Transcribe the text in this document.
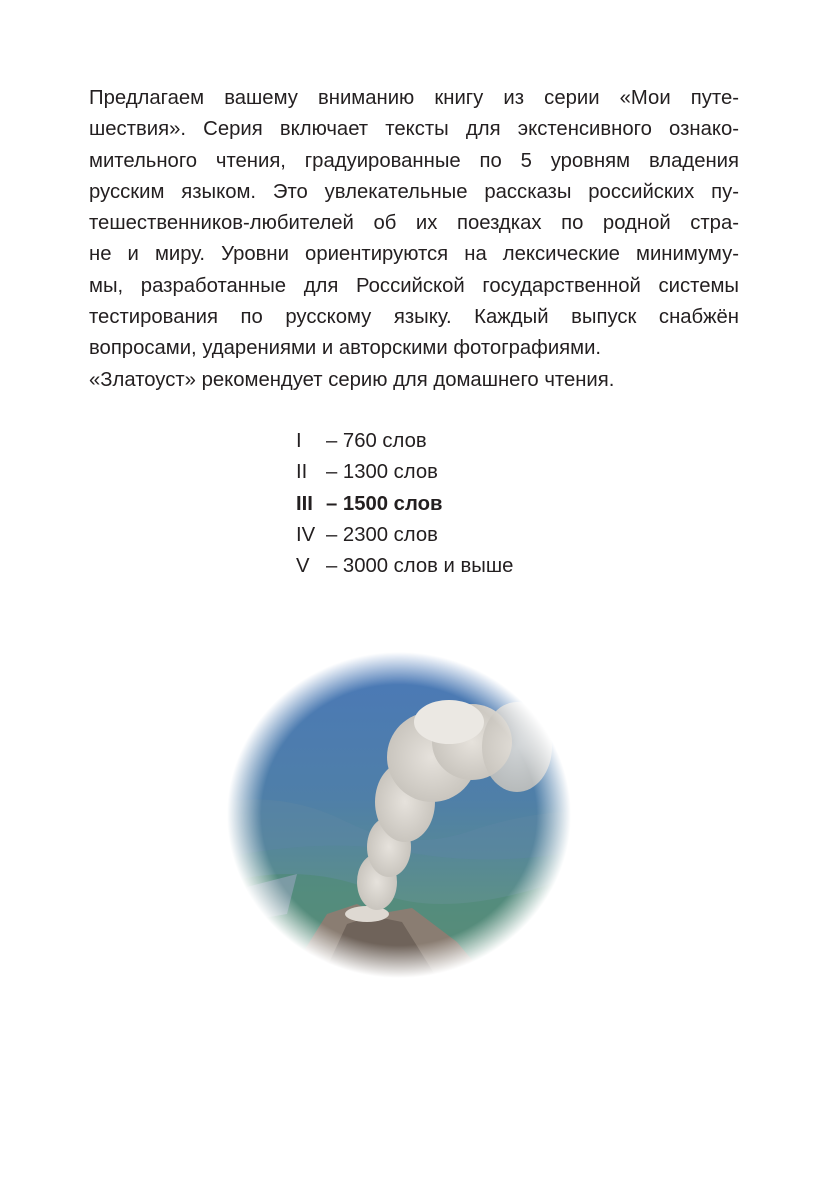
Предлагаем вашему вниманию книгу из серии «Мои путе-
шествия». Серия включает тексты для экстенсивного ознако-
мительного чтения, градуированные по 5 уровням владения
русским языком. Это увлекательные рассказы российских пу-
тешественников-любителей об их поездках по родной стра-
не и миру. Уровни ориентируются на лексические минимуму-
мы, разработанные для Российской государственной системы
тестирования по русскому языку. Каждый выпуск снабжён
вопросами, ударениями и авторскими фотографиями.
«Златоуст» рекомендует серию для домашнего чтения.
I	– 760 слов
II – 1300 слов
III – 1500 слов
IV – 2300 слов
V – 3000 слов и выше
